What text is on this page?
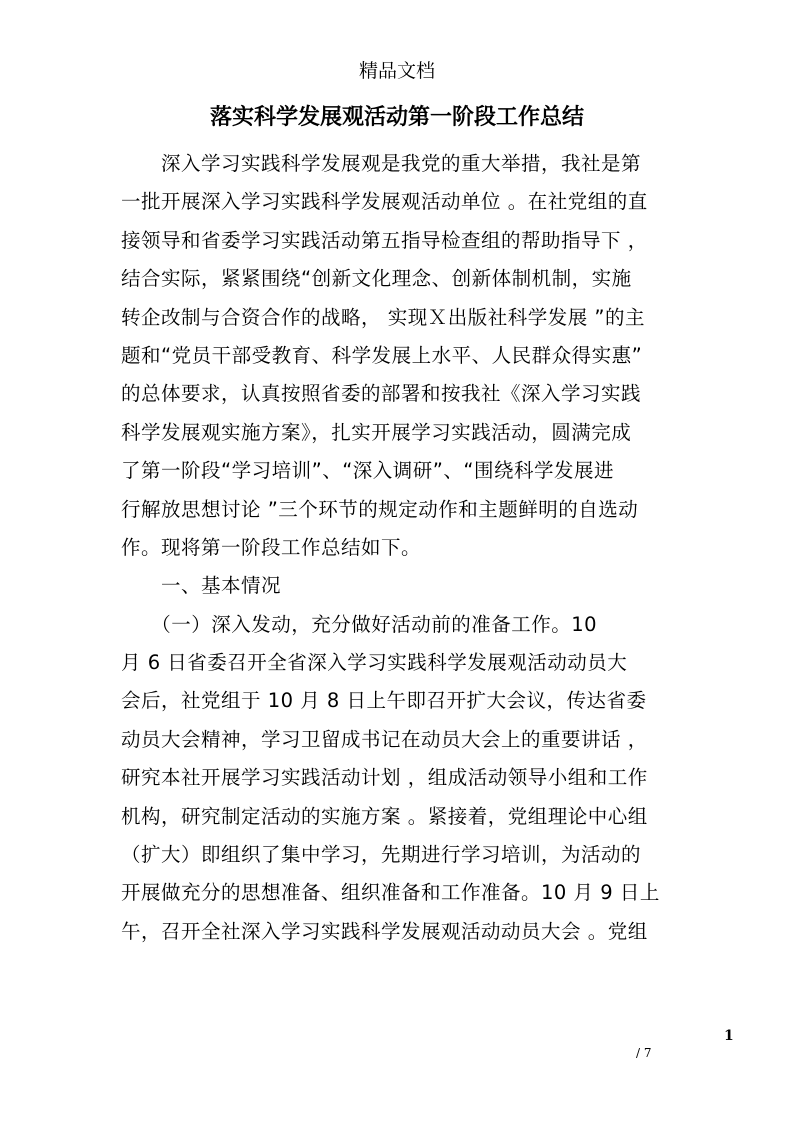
精品文档
落实科学发展观活动第一阶段工作总结
　　深入学习实践科学发展观是我党的重大举措，我社是第
一批开展深入学习实践科学发展观活动单位 。在社党组的直
接领导和省委学习实践活动第五指导检查组的帮助指导下 ，
结合实际，紧紧围绕“创新文化理念、创新体制机制，实施
转企改制与合资合作的战略， 实现Ｘ出版社科学发展 ”的主
题和“党员干部受教育、科学发展上水平、人民群众得实惠”
的总体要求，认真按照省委的部署和按我社《深入学习实践
科学发展观实施方案》，扎实开展学习实践活动，圆满完成
了第一阶段“学习培训”、“深入调研”、“围绕科学发展进
行解放思想讨论 ”三个环节的规定动作和主题鲜明的自选动
作。现将第一阶段工作总结如下。
　　一、基本情况
　　（一）深入发动，充分做好活动前的准备工作。10
月 6 日省委召开全省深入学习实践科学发展观活动动员大
会后，社党组于 10 月 8 日上午即召开扩大会议，传达省委
动员大会精神，学习卫留成书记在动员大会上的重要讲话 ，
研究本社开展学习实践活动计划 ，组成活动领导小组和工作
机构，研究制定活动的实施方案 。紧接着，党组理论中心组
（扩大）即组织了集中学习，先期进行学习培训，为活动的
开展做充分的思想准备、组织准备和工作准备。10 月 9 日上
午，召开全社深入学习实践科学发展观活动动员大会 。党组
1
/ 7
